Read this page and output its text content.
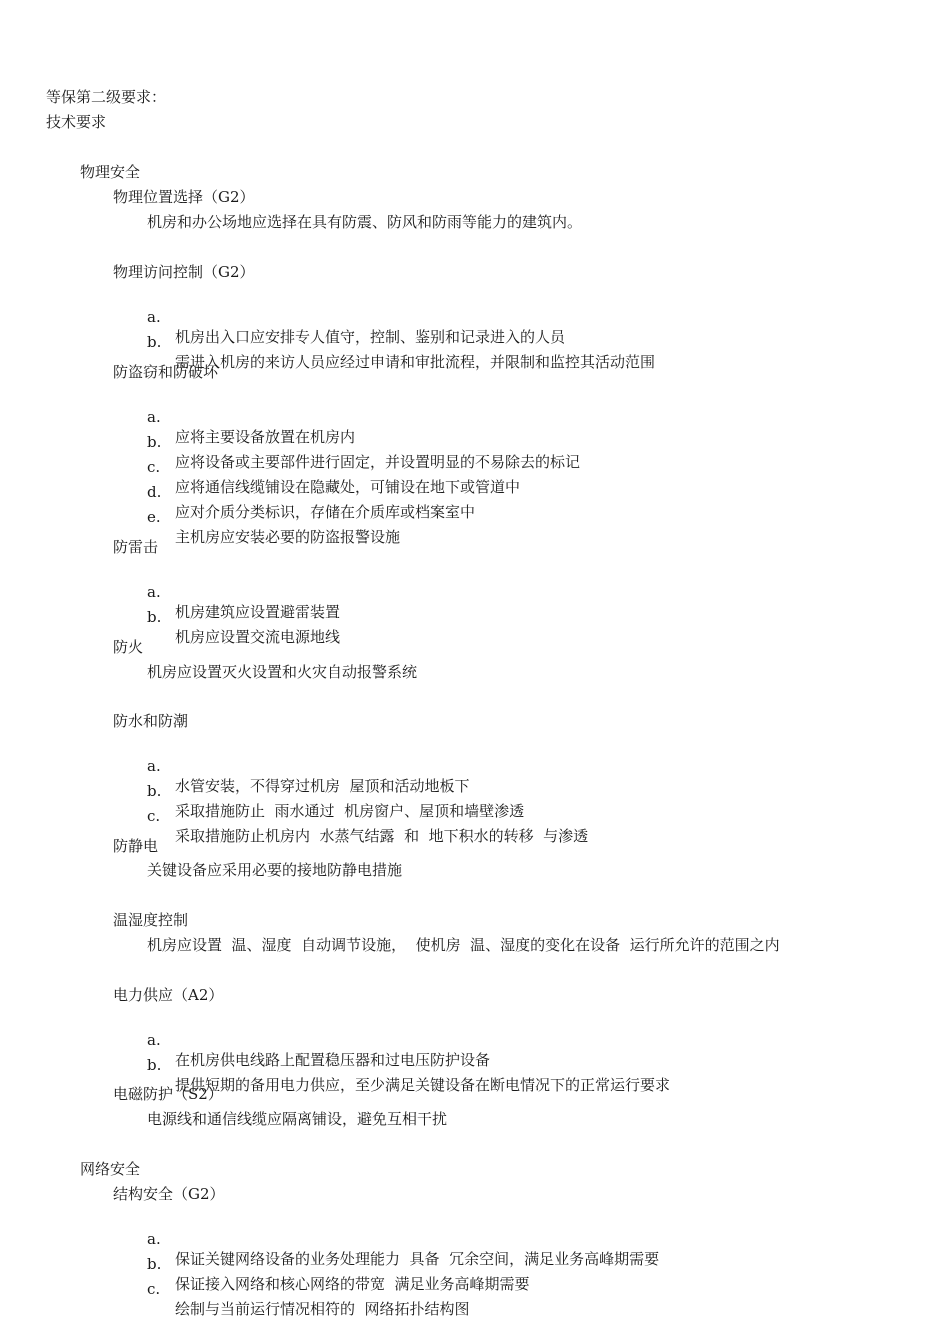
等保第二级要求：
技术要求
物理安全
物理位置选择（G2）
机房和办公场地应选择在具有防震、防风和防雨等能力的建筑内。
物理访问控制（G2）

a.

机房出入口应安排专人值守，控制、鉴别和记录进入的人员

b.

需进入机房的来访人员应经过申请和审批流程，并限制和监控其活动范围

防盗窃和防破坏

a.

应将主要设备放置在机房内

b.

应将设备或主要部件进行固定，并设置明显的不易除去的标记

c.

应将通信线缆铺设在隐藏处，可铺设在地下或管道中

d.

应对介质分类标识，存储在介质库或档案室中

e.

主机房应安装必要的防盗报警设施

防雷击

a.

机房建筑应设置避雷装置

b.

机房应设置交流电源地线

防火
机房应设置灭火设置和火灾自动报警系统
防水和防潮

a.

水管安装，不得穿过机房  屋顶和活动地板下

b.

采取措施防止  雨水通过  机房窗户、屋顶和墙壁渗透

c.

采取措施防止机房内  水蒸气结露  和  地下积水的转移  与渗透

防静电
关键设备应采用必要的接地防静电措施
温湿度控制
机房应设置  温、湿度  自动调节设施，  使机房  温、湿度的变化在设备  运行所允许的范围之内
电力供应（A2）

a.

在机房供电线路上配置稳压器和过电压防护设备

b.

提供短期的备用电力供应，至少满足关键设备在断电情况下的正常运行要求

电磁防护（S2）
电源线和通信线缆应隔离铺设，避免互相干扰
网络安全
结构安全（G2）

a.

保证关键网络设备的业务处理能力  具备  冗余空间，满足业务高峰期需要

b.

保证接入网络和核心网络的带宽  满足业务高峰期需要

c.

绘制与当前运行情况相符的  网络拓扑结构图
